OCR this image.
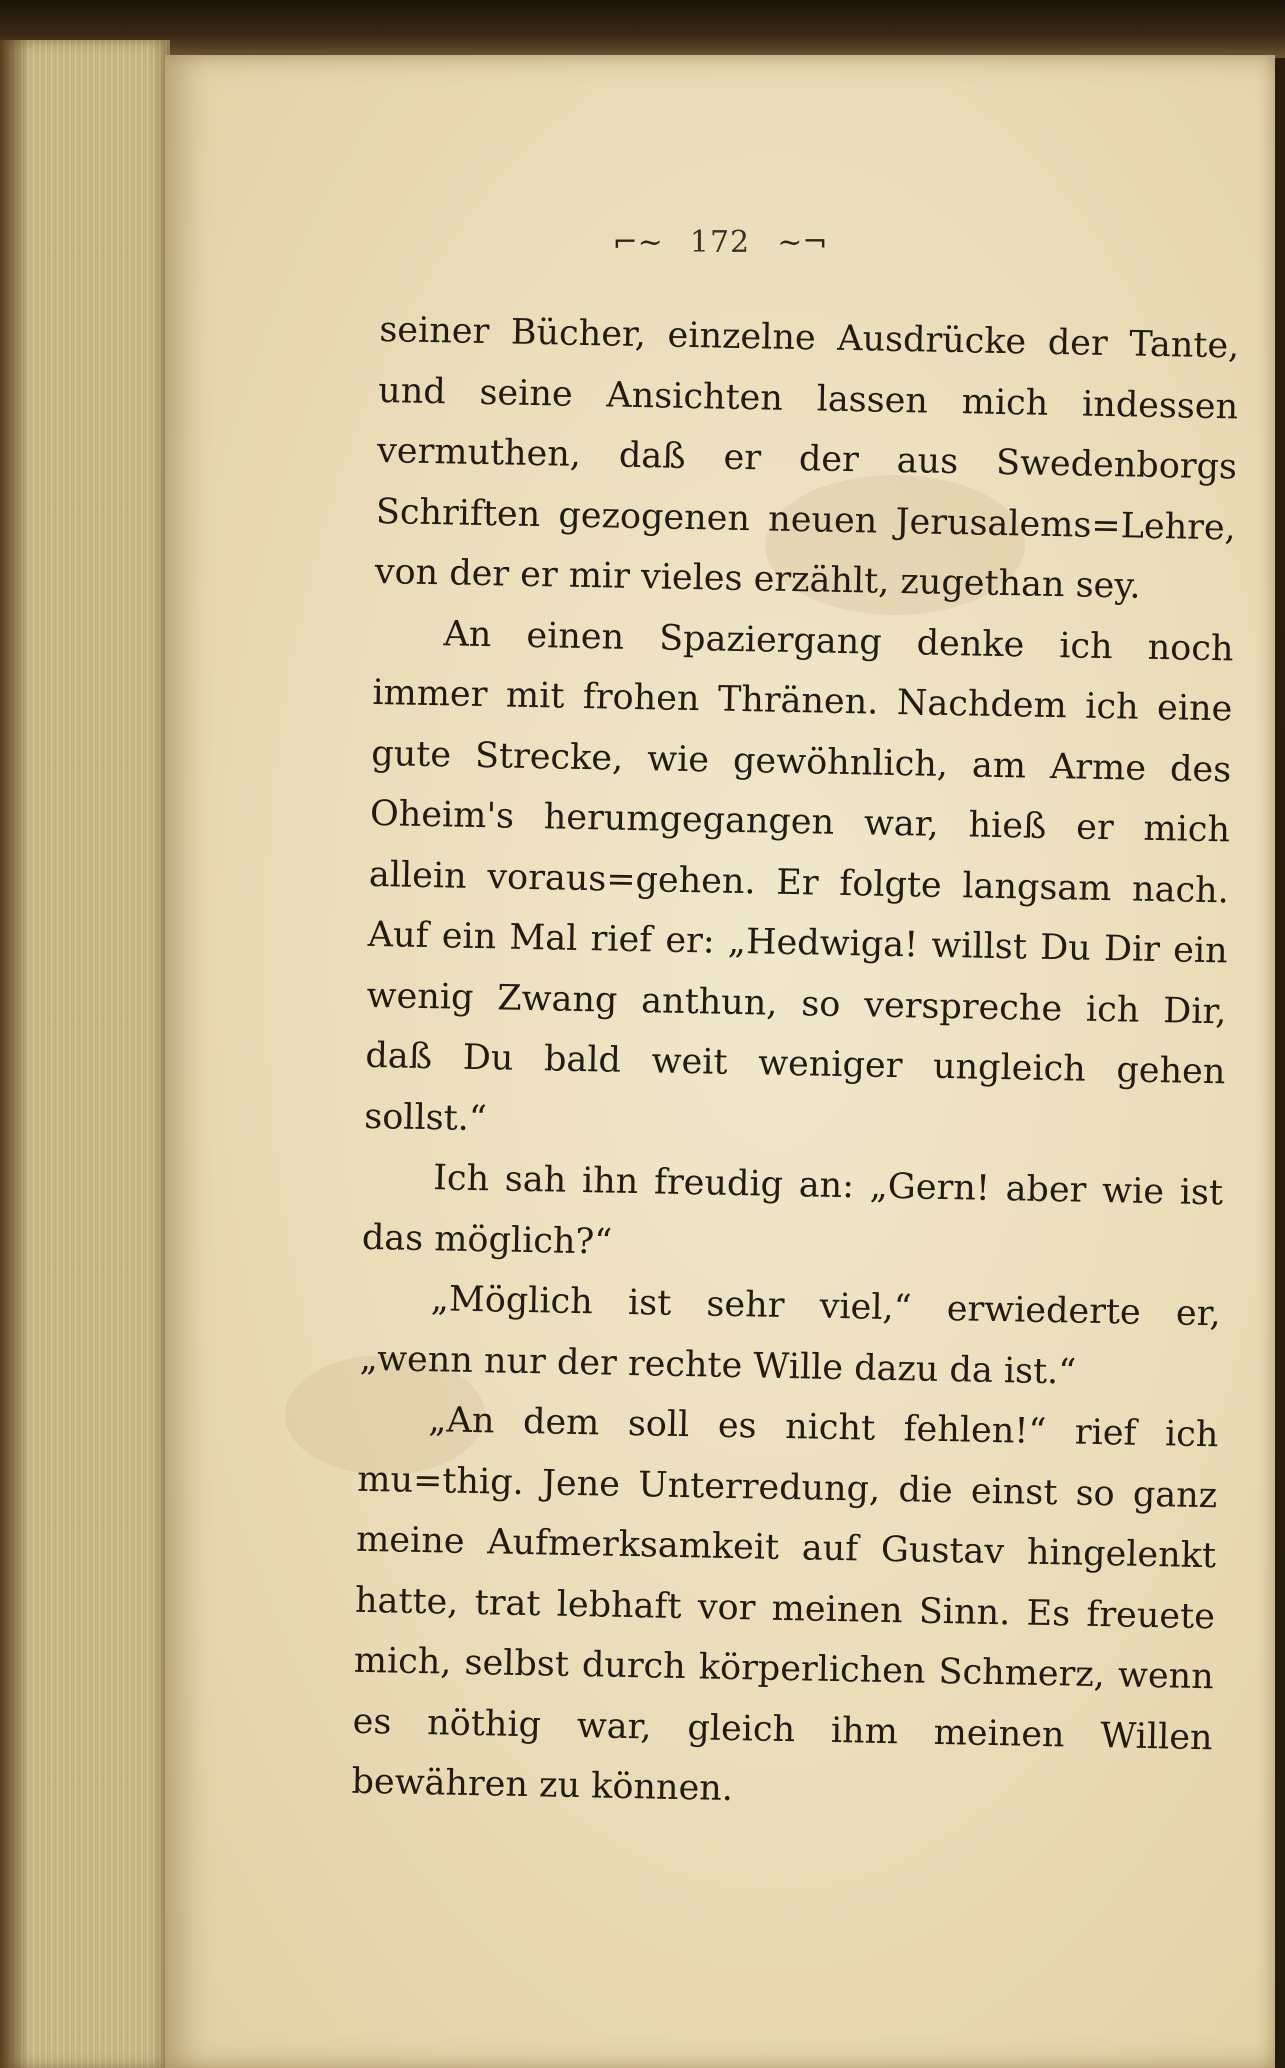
⌐~ 172 ~¬

seiner Bücher, einzelne Ausdrücke der Tante, und seine Ansichten lassen mich indessen vermuthen, daß er der aus Swedenborgs Schriften gezogenen neuen Jerusalems=Lehre, von der er mir vieles erzählt, zugethan sey.

An einen Spaziergang denke ich noch immer mit frohen Thränen. Nachdem ich eine gute Strecke, wie gewöhnlich, am Arme des Oheim's herumgegangen war, hieß er mich allein voraus=gehen. Er folgte langsam nach. Auf ein Mal rief er: „Hedwiga! willst Du Dir ein wenig Zwang anthun, so verspreche ich Dir, daß Du bald weit weniger ungleich gehen sollst.“

Ich sah ihn freudig an: „Gern! aber wie ist das möglich?“

„Möglich ist sehr viel,“ erwiederte er, „wenn nur der rechte Wille dazu da ist.“

„An dem soll es nicht fehlen!“ rief ich mu=thig. Jene Unterredung, die einst so ganz meine Aufmerksamkeit auf Gustav hingelenkt hatte, trat lebhaft vor meinen Sinn. Es freuete mich, selbst durch körperlichen Schmerz, wenn es nöthig war, gleich ihm meinen Willen bewähren zu können.
